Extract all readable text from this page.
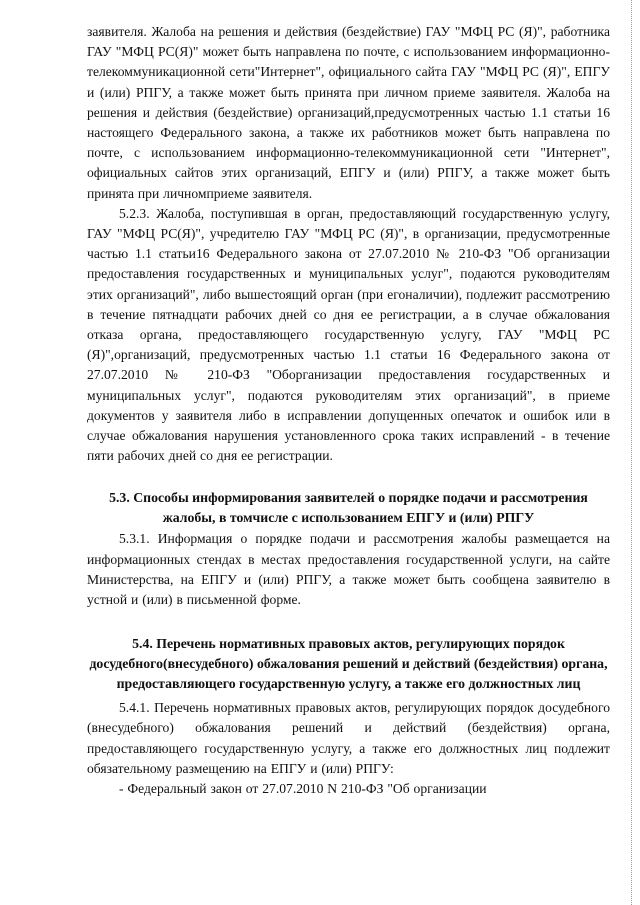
заявителя. Жалоба на решения и действия (бездействие) ГАУ "МФЦ РС (Я)", работника ГАУ "МФЦ РС(Я)" может быть направлена по почте, с использованием информационно-телекоммуникационной сети"Интернет", официального сайта ГАУ "МФЦ РС (Я)", ЕПГУ и (или) РПГУ, а также может быть принята при личном приеме заявителя. Жалоба на решения и действия (бездействие) организаций,предусмотренных частью 1.1 статьи 16 настоящего Федерального закона, а также их работников может быть направлена по почте, с использованием информационно-телекоммуникационной сети "Интернет", официальных сайтов этих организаций, ЕПГУ и (или) РПГУ, а также может быть принята при личномприеме заявителя.

5.2.3. Жалоба, поступившая в орган, предоставляющий государственную услугу, ГАУ "МФЦ РС(Я)", учредителю ГАУ "МФЦ РС (Я)", в организации, предусмотренные частью 1.1 статьи16 Федерального закона от 27.07.2010 № 210-ФЗ "Об организации предоставления государственных и муниципальных услуг", подаются руководителям этих организаций", либо вышестоящий орган (при егоналичии), подлежит рассмотрению в течение пятнадцати рабочих дней со дня ее регистрации, а в случае обжалования отказа органа, предоставляющего государственную услугу, ГАУ "МФЦ РС (Я)",организаций, предусмотренных частью 1.1 статьи 16 Федерального закона от 27.07.2010 № 210-ФЗ "Оборганизации предоставления государственных и муниципальных услуг", подаются руководителям этих организаций", в приеме документов у заявителя либо в исправлении допущенных опечаток и ошибок или в случае обжалования нарушения установленного срока таких исправлений - в течение пяти рабочих дней со дня ее регистрации.

5.3. Способы информирования заявителей о порядке подачи и рассмотрения жалобы, в томчисле с использованием ЕПГУ и (или) РПГУ

5.3.1. Информация о порядке подачи и рассмотрения жалобы размещается на информационных стендах в местах предоставления государственной услуги, на сайте Министерства, на ЕПГУ и (или) РПГУ, а также может быть сообщена заявителю в устной и (или) в письменной форме.

5.4. Перечень нормативных правовых актов, регулирующих порядок досудебного(внесудебного) обжалования решений и действий (бездействия) органа, предоставляющего государственную услугу, а также его должностных лиц

5.4.1. Перечень нормативных правовых актов, регулирующих порядок досудебного (внесудебного) обжалования решений и действий (бездействия) органа, предоставляющего государственную услугу, а также его должностных лиц подлежит обязательному размещению на ЕПГУ и (или) РПГУ:

- Федеральный закон от 27.07.2010 N 210-ФЗ "Об организации
